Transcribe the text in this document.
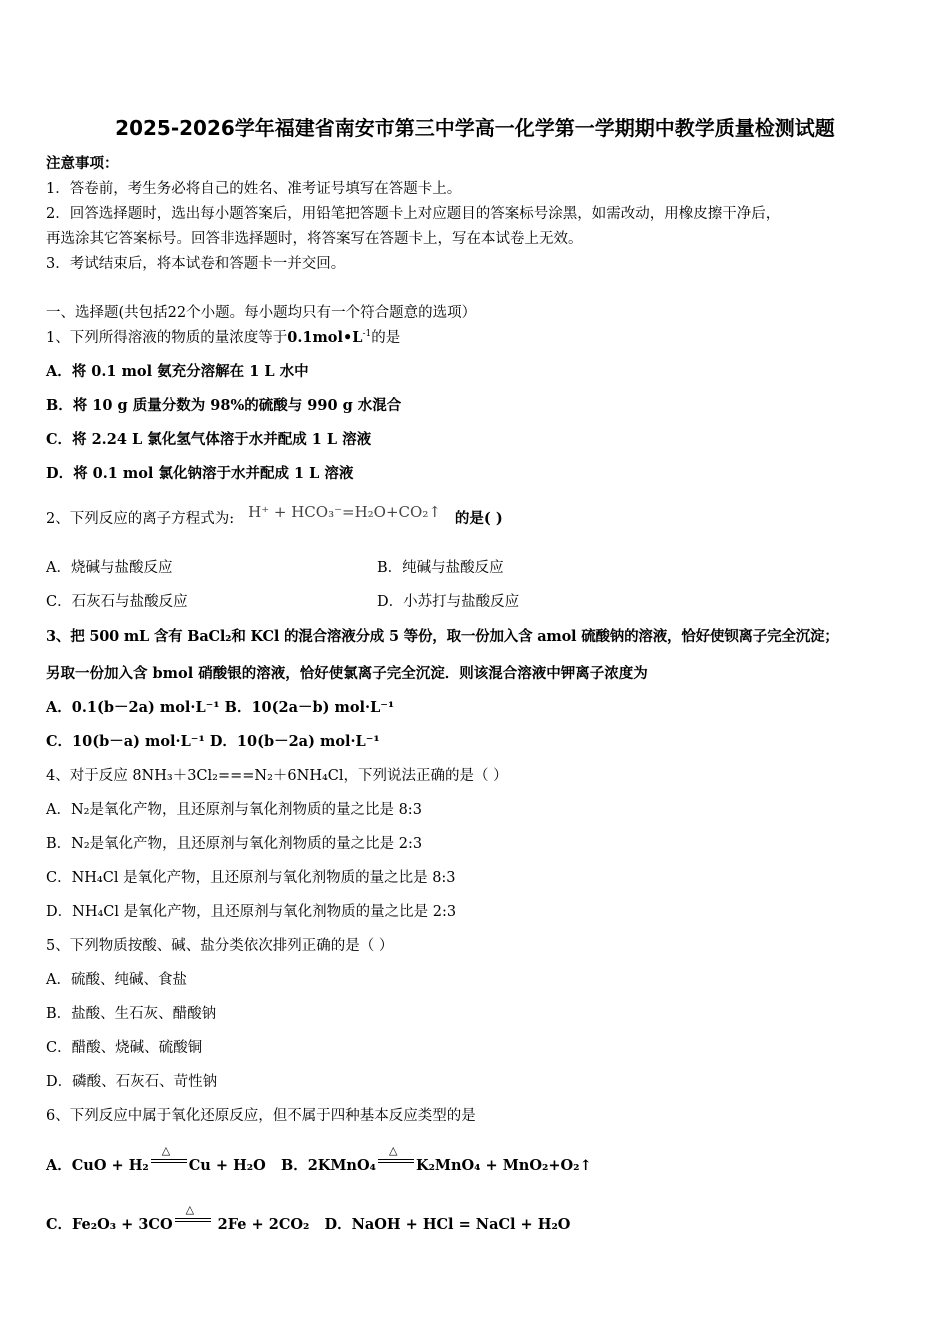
2025-2026学年福建省南安市第三中学高一化学第一学期期中教学质量检测试题
注意事项：
1．答卷前，考生务必将自己的姓名、准考证号填写在答题卡上。
2．回答选择题时，选出每小题答案后，用铅笔把答题卡上对应题目的答案标号涂黑，如需改动，用橡皮擦干净后，
再选涂其它答案标号。回答非选择题时，将答案写在答题卡上，写在本试卷上无效。
3．考试结束后，将本试卷和答题卡一并交回。
一、选择题(共包括22个小题。每小题均只有一个符合题意的选项）
1、下列所得溶液的物质的量浓度等于$0.1mol•L^{-1}$的是
A．将 0.1 mol 氨充分溶解在 1 L 水中
B．将 10 g 质量分数为 98%的硫酸与 990 g 水混合
C．将 2.24 L 氯化氢气体溶于水并配成 1 L 溶液
D．将 0.1 mol 氯化钠溶于水并配成 1 L 溶液
2、下列反应的离子方程式为: H⁺ + HCO₃⁻=H₂O+CO₂↑ 的是( )
A．烧碱与盐酸反应	B．纯碱与盐酸反应
C．石灰石与盐酸反应	D．小苏打与盐酸反应
3、把 500 mL 含有 BaCl₂和 KCl 的混合溶液分成 5 等份，取一份加入含 amol 硫酸钠的溶液，恰好使钡离子完全沉淀；
另取一份加入含 bmol 硝酸银的溶液，恰好使氯离子完全沉淀．则该混合溶液中钾离子浓度为
A．0.1(b－2a) mol·L⁻¹ B．10(2a－b) mol·L⁻¹
C．10(b－a) mol·L⁻¹ D．10(b－2a) mol·L⁻¹
4、对于反应 8NH₃＋3Cl₂===N₂＋6NH₄Cl，下列说法正确的是（ ）
A．N₂是氧化产物，且还原剂与氧化剂物质的量之比是 8:3
B．N₂是氧化产物，且还原剂与氧化剂物质的量之比是 2:3
C．NH₄Cl 是氧化产物，且还原剂与氧化剂物质的量之比是 8:3
D．NH₄Cl 是氧化产物，且还原剂与氧化剂物质的量之比是 2:3
5、下列物质按酸、碱、盐分类依次排列正确的是（ ）
A．硫酸、纯碱、食盐
B．盐酸、生石灰、醋酸钠
C．醋酸、烧碱、硫酸铜
D．磷酸、石灰石、苛性钠
6、下列反应中属于氧化还原反应，但不属于四种基本反应类型的是
A．CuO + H₂
△
Cu + H₂O B．2KMnO₄
△
K₂MnO₄ + MnO₂+O₂↑
C．Fe₂O₃ + 3CO
△
2Fe + 2CO₂ D．NaOH + HCl = NaCl + H₂O
